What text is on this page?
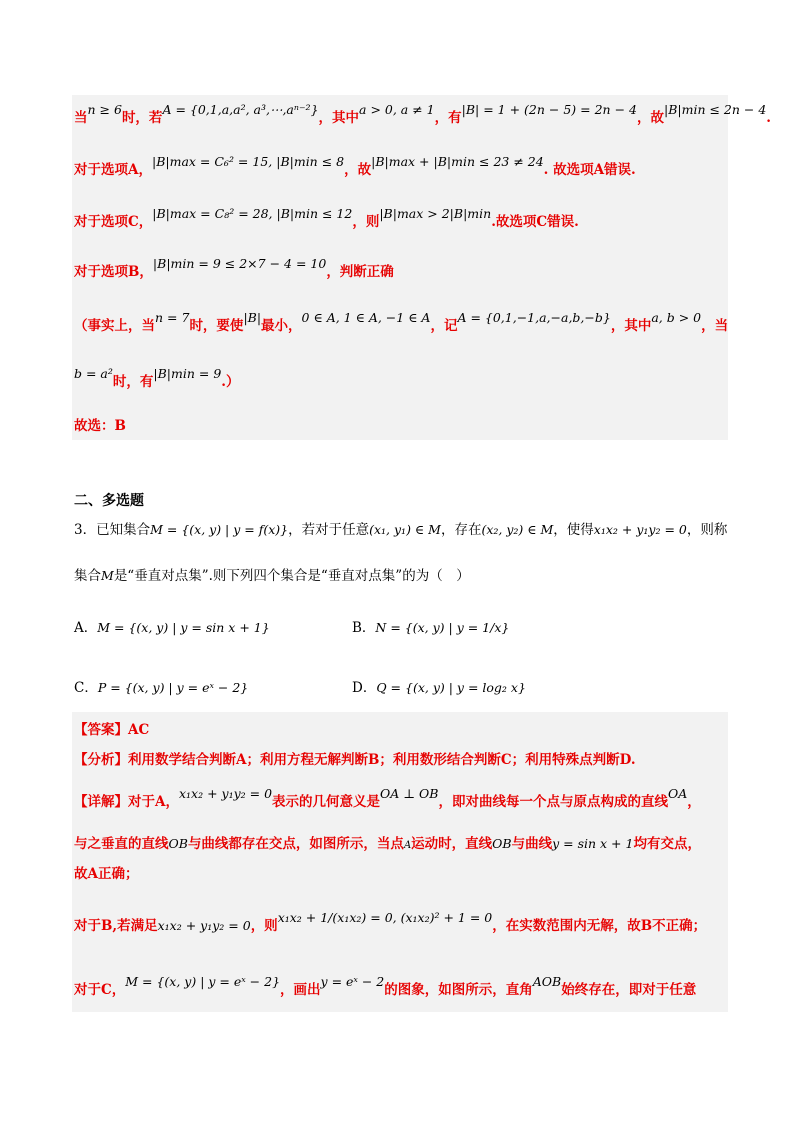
当n ≥ 6时，若A = {0,1,a,a², a³,⋯,aⁿ⁻²}，其中a > 0, a ≠ 1，有|B| = 1 + (2n − 5) = 2n − 4，故|B|min ≤ 2n − 4.
对于选项A，|B|max = C₆² = 15, |B|min ≤ 8，故|B|max + |B|min ≤ 23 ≠ 24. 故选项A错误.
对于选项C，|B|max = C₈² = 28, |B|min ≤ 12，则|B|max > 2|B|min.故选项C错误.
对于选项B，|B|min = 9 ≤ 2×7 − 4 = 10，判断正确
（事实上，当n = 7时，要使|B|最小，0 ∈ A, 1 ∈ A, −1 ∈ A，记A = {0,1,−1,a,−a,b,−b}，其中a, b > 0，当
b = a²时，有|B|min = 9.）
故选：B
二、多选题
3．已知集合M = {(x, y) | y = f(x)}，若对于任意(x₁, y₁) ∈ M，存在(x₂, y₂) ∈ M，使得x₁x₂ + y₁y₂ = 0，则称
集合M是“垂直对点集”.则下列四个集合是“垂直对点集”的为（　）
A．M = {(x, y) | y = sin x + 1}	B．N = {(x, y) | y = 1/x}
C．P = {(x, y) | y = eˣ − 2}	D．Q = {(x, y) | y = log₂ x}
【答案】AC
【分析】利用数学结合判断A；利用方程无解判断B；利用数形结合判断C；利用特殊点判断D.
【详解】对于A，x₁x₂ + y₁y₂ = 0表示的几何意义是OA ⊥ OB，即对曲线每一个点与原点构成的直线OA，
与之垂直的直线OB与曲线都存在交点，如图所示，当点A运动时，直线OB与曲线y = sin x + 1均有交点，
故A正确；
对于B,若满足x₁x₂ + y₁y₂ = 0，则x₁x₂ + 1/(x₁x₂) = 0, (x₁x₂)² + 1 = 0，在实数范围内无解，故B不正确；
对于C，M = {(x, y) | y = eˣ − 2}，画出y = eˣ − 2的图象，如图所示，直角AOB始终存在，即对于任意
